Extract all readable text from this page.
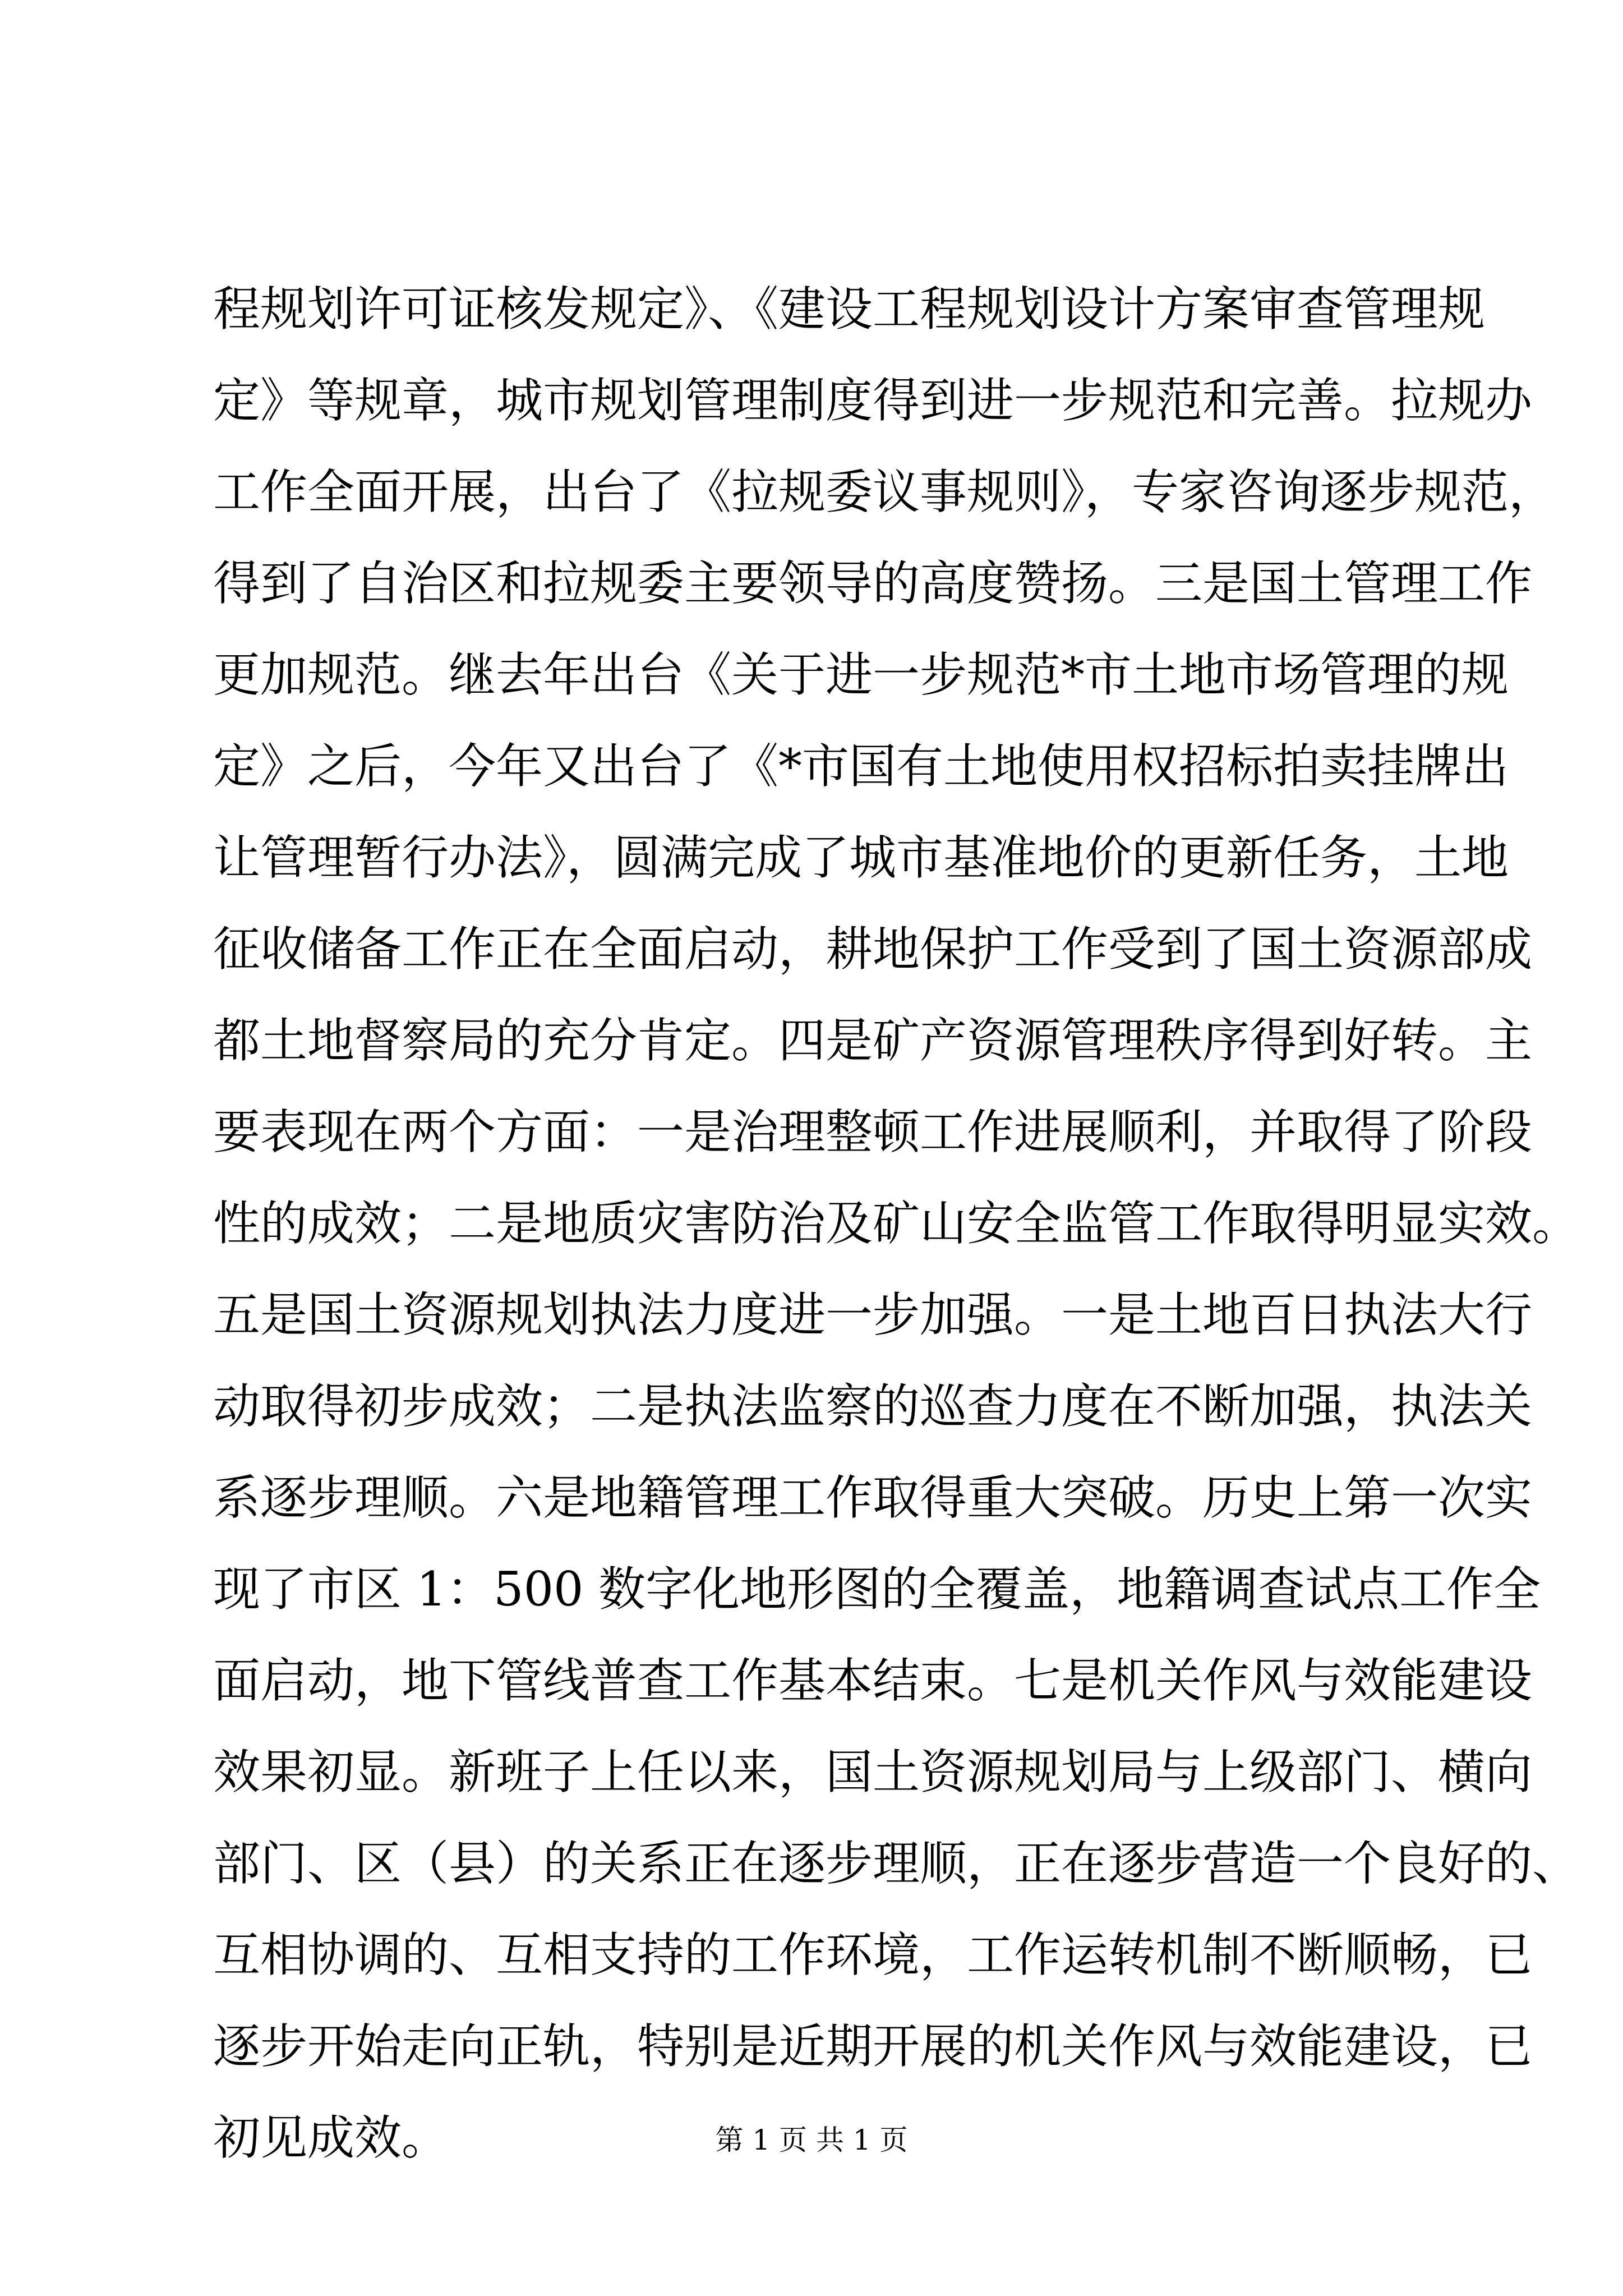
程规划许可证核发规定》、《建设工程规划设计方案审查管理规
定》等规章，城市规划管理制度得到进一步规范和完善。拉规办
工作全面开展，出台了《拉规委议事规则》，专家咨询逐步规范，
得到了自治区和拉规委主要领导的高度赞扬。三是国土管理工作
更加规范。继去年出台《关于进一步规范*市土地市场管理的规
定》之后，今年又出台了《*市国有土地使用权招标拍卖挂牌出
让管理暂行办法》，圆满完成了城市基准地价的更新任务，土地
征收储备工作正在全面启动，耕地保护工作受到了国土资源部成
都土地督察局的充分肯定。四是矿产资源管理秩序得到好转。主
要表现在两个方面：一是治理整顿工作进展顺利，并取得了阶段
性的成效；二是地质灾害防治及矿山安全监管工作取得明显实效。
五是国土资源规划执法力度进一步加强。一是土地百日执法大行
动取得初步成效；二是执法监察的巡查力度在不断加强，执法关
系逐步理顺。六是地籍管理工作取得重大突破。历史上第一次实
现了市区 1：500 数字化地形图的全覆盖，地籍调查试点工作全
面启动，地下管线普查工作基本结束。七是机关作风与效能建设
效果初显。新班子上任以来，国土资源规划局与上级部门、横向
部门、区（县）的关系正在逐步理顺，正在逐步营造一个良好的、
互相协调的、互相支持的工作环境，工作运转机制不断顺畅，已
逐步开始走向正轨，特别是近期开展的机关作风与效能建设，已
初见成效。	第 1 页 共 1 页
